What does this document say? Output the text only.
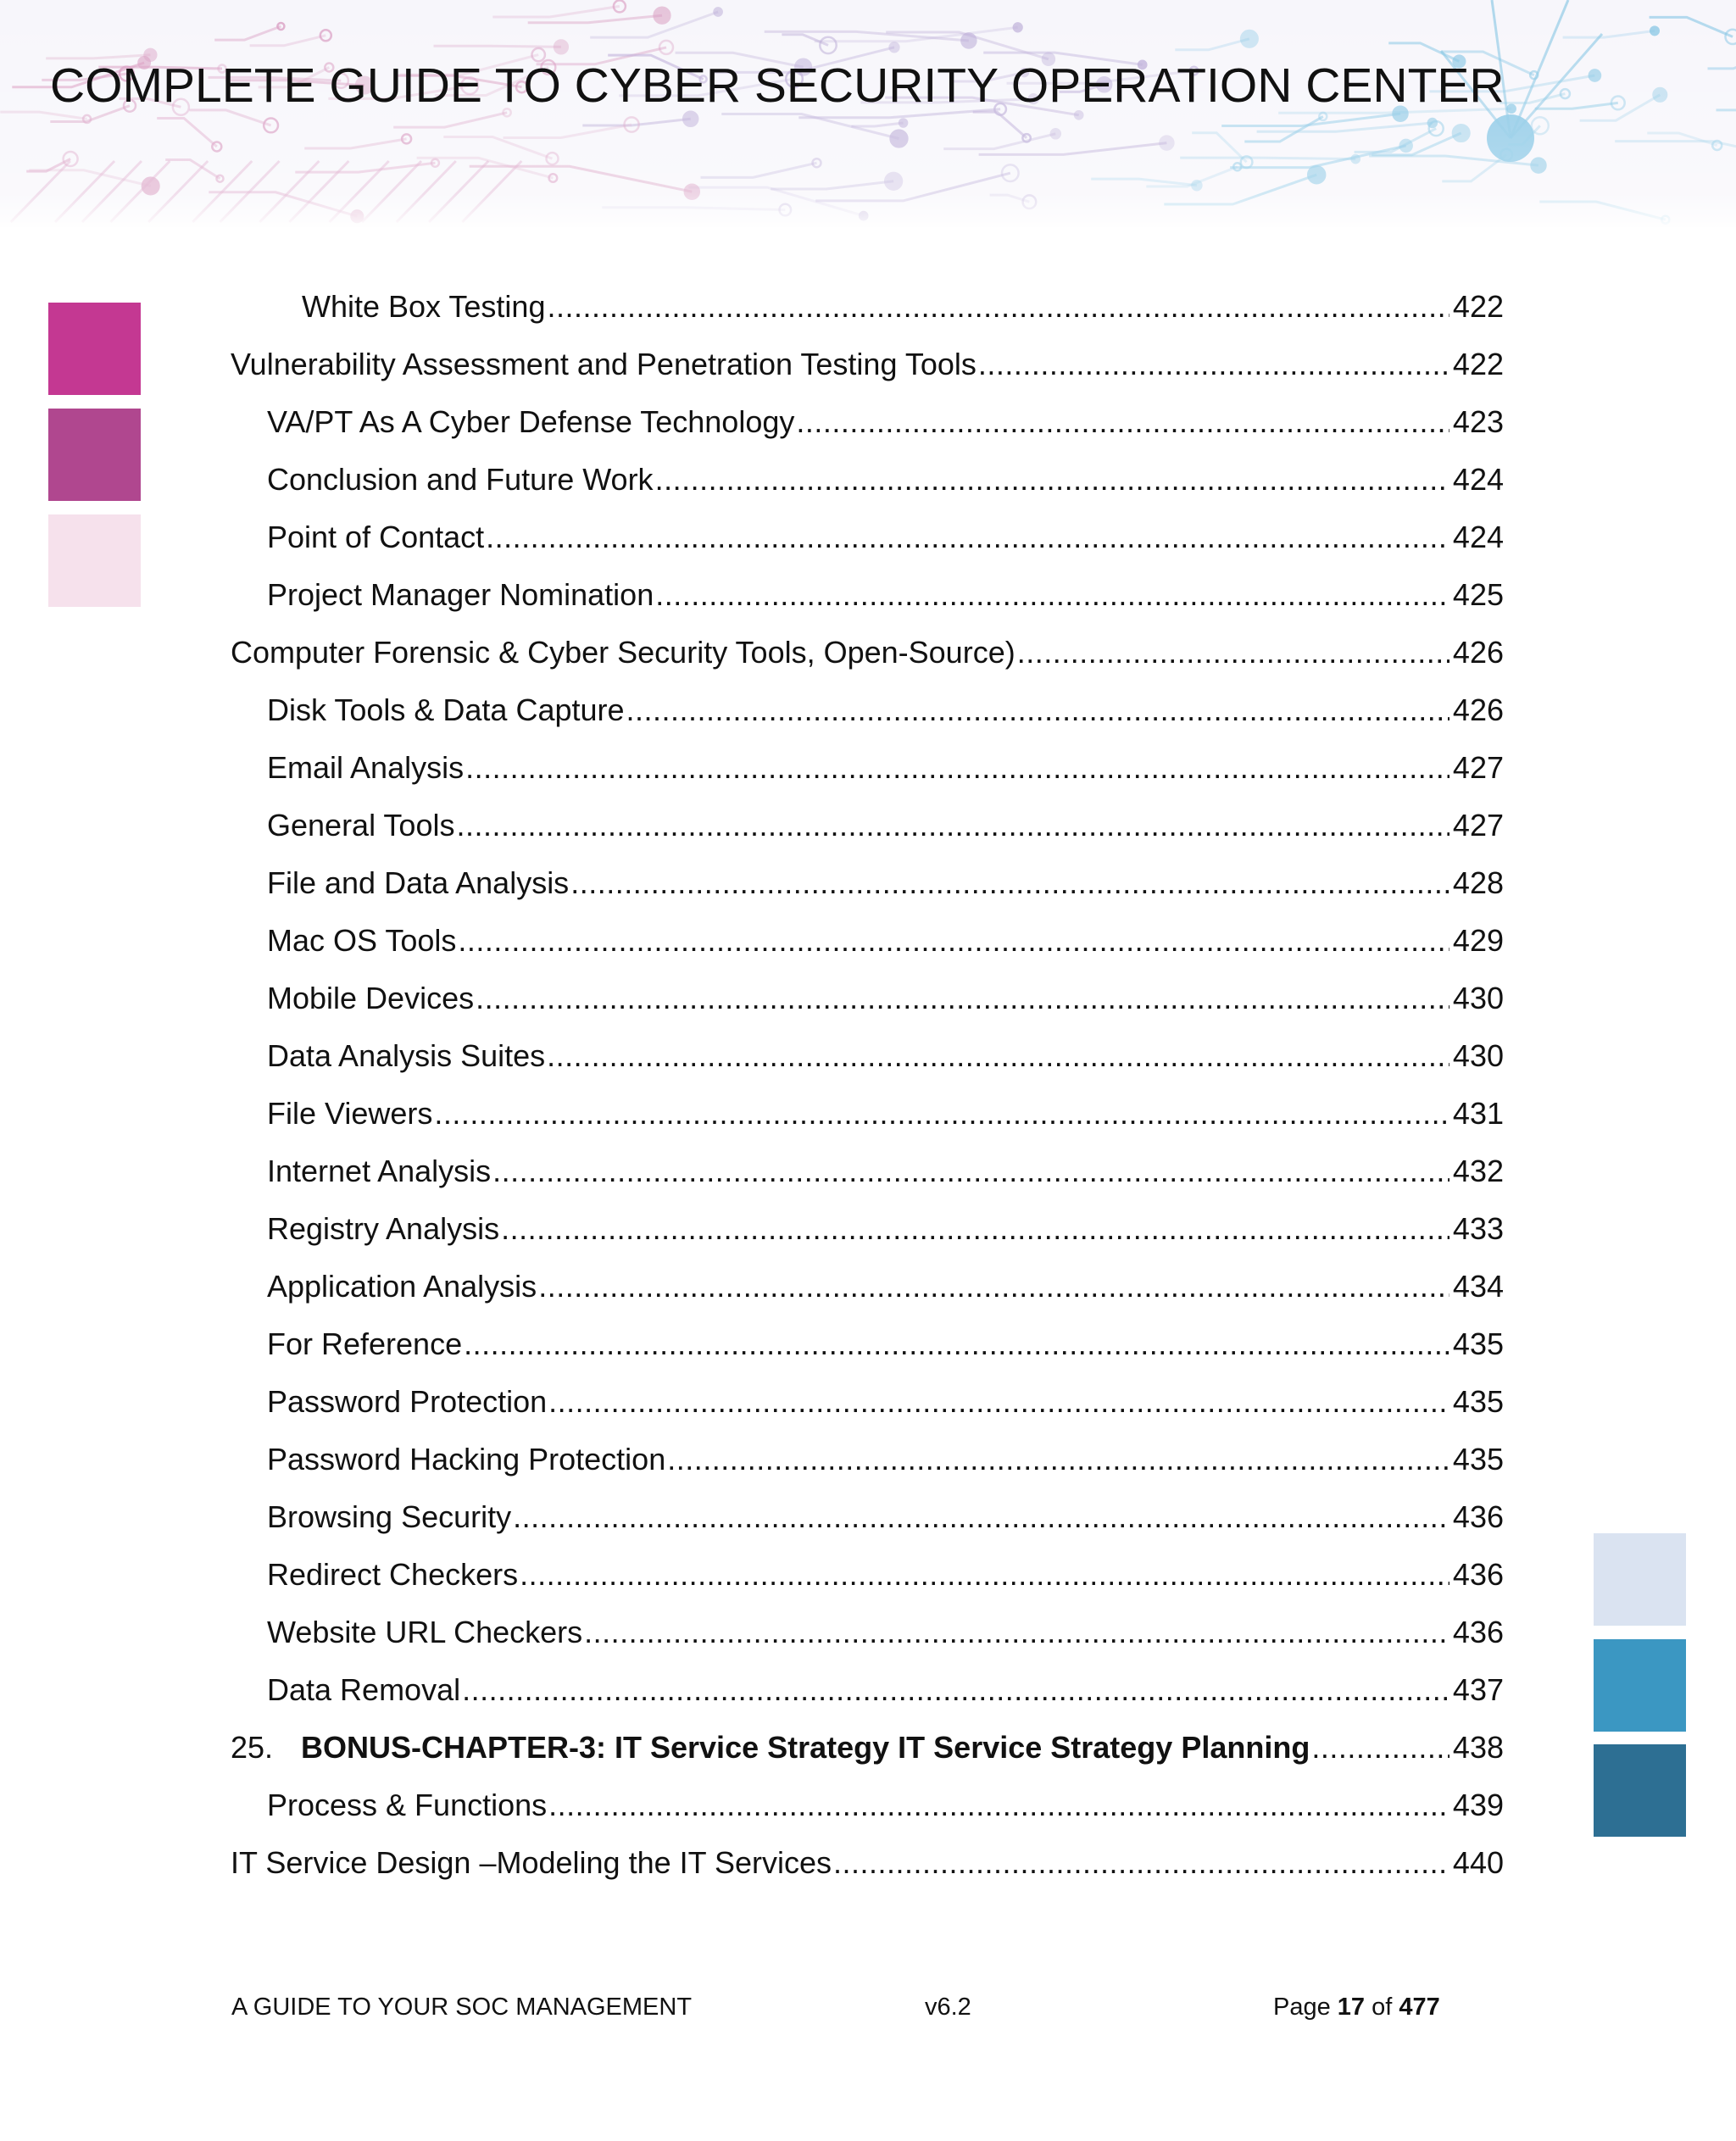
COMPLETE GUIDE TO CYBER SECURITY OPERATION CENTER
White Box Testing .....	422
Vulnerability Assessment and Penetration Testing Tools .....	422
VA/PT As A Cyber Defense Technology .....	423
Conclusion and Future Work .....	424
Point of Contact .....	424
Project Manager Nomination .....	425
Computer Forensic & Cyber Security Tools, Open-Source) .....	426
Disk Tools & Data Capture .....	426
Email Analysis .....	427
General Tools .....	427
File and Data Analysis .....	428
Mac OS Tools .....	429
Mobile Devices .....	430
Data Analysis Suites .....	430
File Viewers .....	431
Internet Analysis .....	432
Registry Analysis .....	433
Application Analysis .....	434
For Reference .....	435
Password Protection .....	435
Password Hacking Protection .....	435
Browsing Security .....	436
Redirect Checkers .....	436
Website URL Checkers .....	436
Data Removal .....	437
25. BONUS-CHAPTER-3: IT Service Strategy IT Service Strategy Planning .....	438
Process & Functions .....	439
IT Service Design –Modeling the IT Services .....	440
A GUIDE TO YOUR SOC MANAGEMENT	v6.2	Page 17 of 477
